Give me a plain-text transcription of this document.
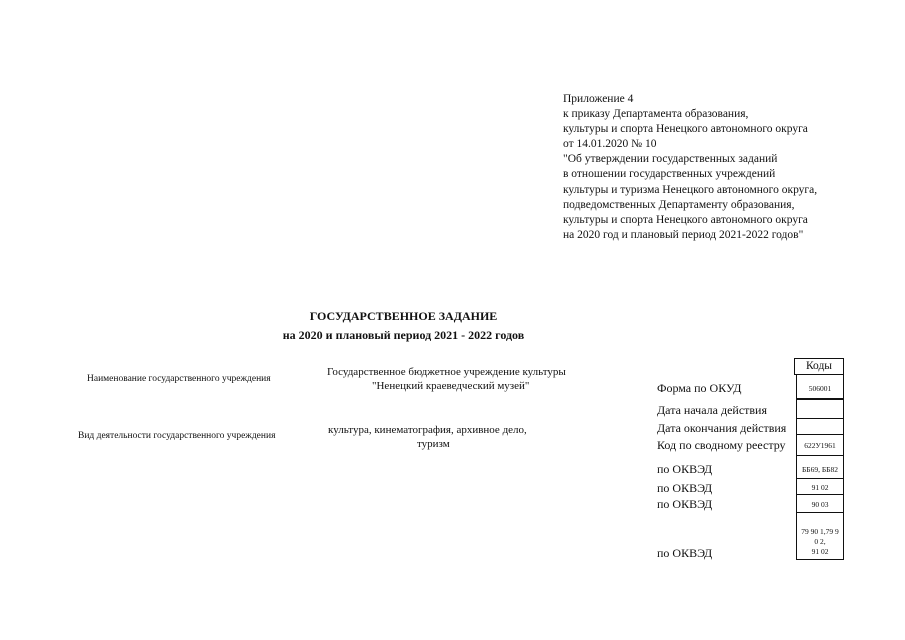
Приложение 4
к приказу Департамента образования,
культуры и спорта Ненецкого автономного округа
от 14.01.2020 № 10
"Об утверждении государственных заданий
в отношении государственных учреждений
культуры и туризма Ненецкого автономного округа,
подведомственных Департаменту образования,
культуры и спорта Ненецкого автономного округа
на 2020 год и плановый период 2021-2022 годов"
ГОСУДАРСТВЕННОЕ ЗАДАНИЕ
на 2020 и плановый период 2021 - 2022 годов
Наименование государственного учреждения
Государственное бюджетное учреждение культуры
"Ненецкий краеведческий музей"
Вид деятельности государственного учреждения	культура, кинематография, архивное дело,
туризм
Форма по ОКУД
Дата начала действия
Дата окончания действия
Код по сводному реестру
по ОКВЭД
по ОКВЭД
по ОКВЭД
по ОКВЭД
Коды
506001
622У1961
ББ69, ББ82
91 02
90 03
79 90 1,79 9
0 2,
91 02
